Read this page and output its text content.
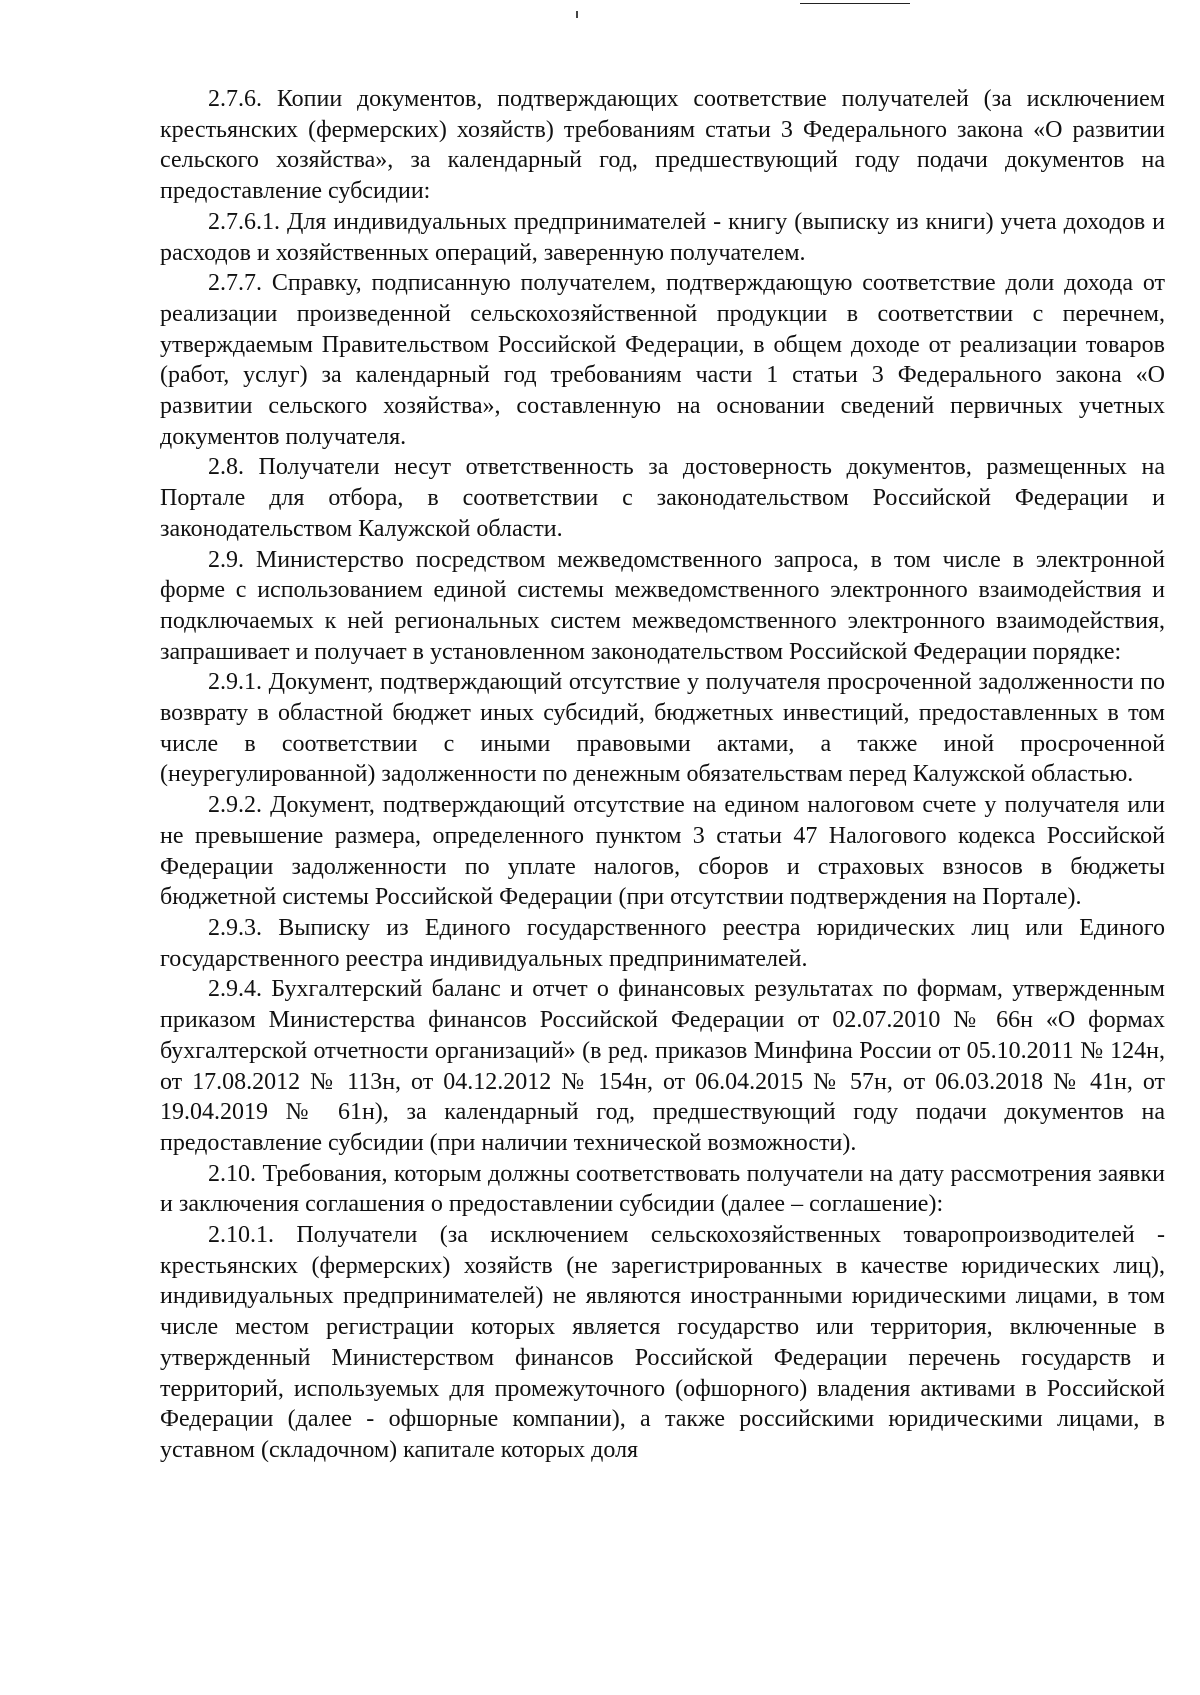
2.7.6. Копии документов, подтверждающих соответствие получателей (за исключением крестьянских (фермерских) хозяйств) требованиям статьи 3 Федерального закона «О развитии сельского хозяйства», за календарный год, предшествующий году подачи документов на предоставление субсидии:

2.7.6.1. Для индивидуальных предпринимателей - книгу (выписку из книги) учета доходов и расходов и хозяйственных операций, заверенную получателем.

2.7.7. Справку, подписанную получателем, подтверждающую соответствие доли дохода от реализации произведенной сельскохозяйственной продукции в соответствии с перечнем, утверждаемым Правительством Российской Федерации, в общем доходе от реализации товаров (работ, услуг) за календарный год требованиям части 1 статьи 3 Федерального закона «О развитии сельского хозяйства», составленную на основании сведений первичных учетных документов получателя.

2.8. Получатели несут ответственность за достоверность документов, размещенных на Портале для отбора, в соответствии с законодательством Российской Федерации и законодательством Калужской области.

2.9. Министерство посредством межведомственного запроса, в том числе в электронной форме с использованием единой системы межведомственного электронного взаимодействия и подключаемых к ней региональных систем межведомственного электронного взаимодействия, запрашивает и получает в установленном законодательством Российской Федерации порядке:

2.9.1. Документ, подтверждающий отсутствие у получателя просроченной задолженности по возврату в областной бюджет иных субсидий, бюджетных инвестиций, предоставленных в том числе в соответствии с иными правовыми актами, а также иной просроченной (неурегулированной) задолженности по денежным обязательствам перед Калужской областью.

2.9.2. Документ, подтверждающий отсутствие на едином налоговом счете у получателя или не превышение размера, определенного пунктом 3 статьи 47 Налогового кодекса Российской Федерации задолженности по уплате налогов, сборов и страховых взносов в бюджеты бюджетной системы Российской Федерации (при отсутствии подтверждения на Портале).

2.9.3. Выписку из Единого государственного реестра юридических лиц или Единого государственного реестра индивидуальных предпринимателей.

2.9.4. Бухгалтерский баланс и отчет о финансовых результатах по формам, утвержденным приказом Министерства финансов Российской Федерации от 02.07.2010 № 66н «О формах бухгалтерской отчетности организаций» (в ред. приказов Минфина России от 05.10.2011 № 124н, от 17.08.2012 № 113н, от 04.12.2012 № 154н, от 06.04.2015 № 57н, от 06.03.2018 № 41н, от 19.04.2019 № 61н), за календарный год, предшествующий году подачи документов на предоставление субсидии (при наличии технической возможности).

2.10. Требования, которым должны соответствовать получатели на дату рассмотрения заявки и заключения соглашения о предоставлении субсидии (далее – соглашение):

2.10.1. Получатели (за исключением сельскохозяйственных товаропроизводителей - крестьянских (фермерских) хозяйств (не зарегистрированных в качестве юридических лиц), индивидуальных предпринимателей) не являются иностранными юридическими лицами, в том числе местом регистрации которых является государство или территория, включенные в утвержденный Министерством финансов Российской Федерации перечень государств и территорий, используемых для промежуточного (офшорного) владения активами в Российской Федерации (далее - офшорные компании), а также российскими юридическими лицами, в уставном (складочном) капитале которых доля
